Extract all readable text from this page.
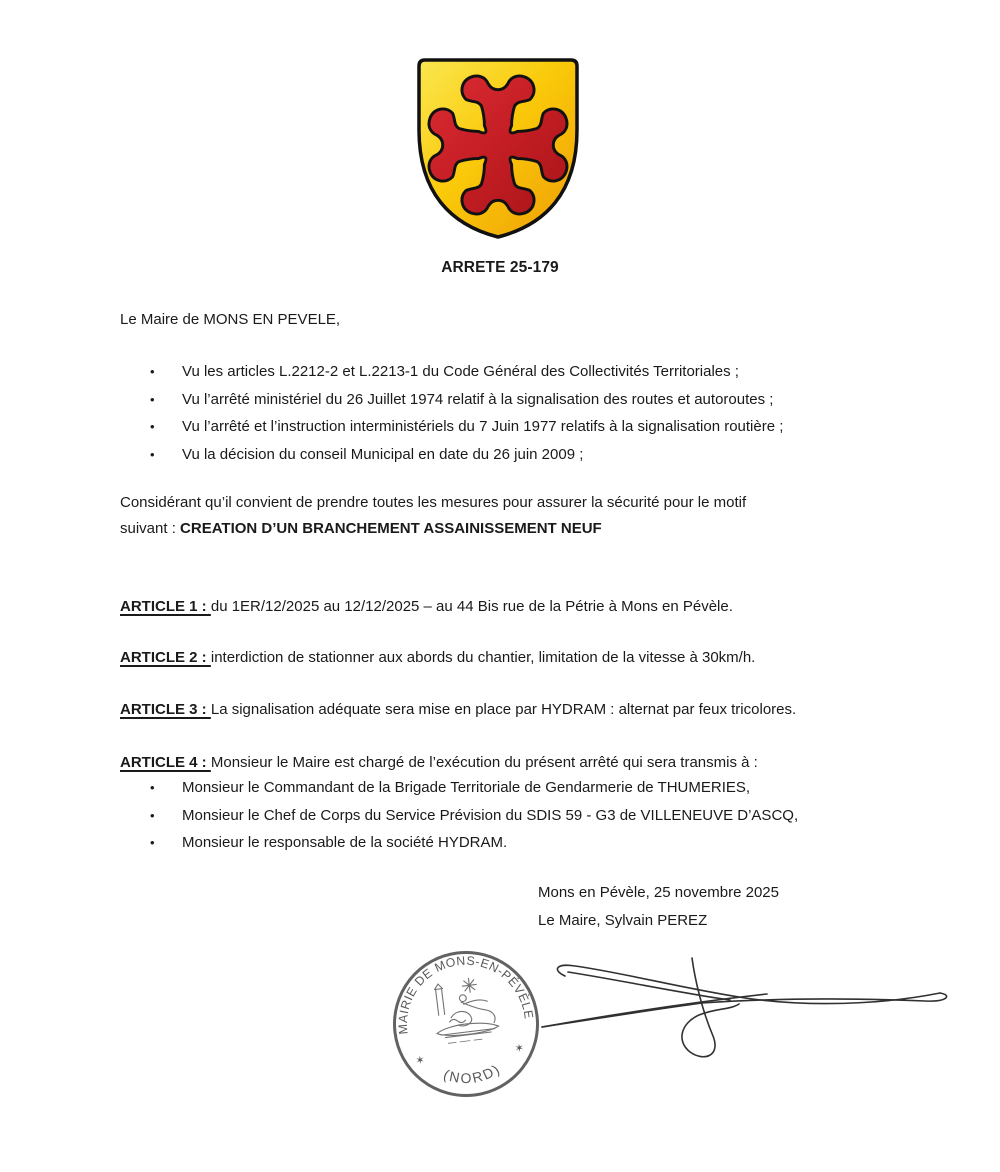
ARRETE 25-179
Le Maire de MONS EN PEVELE,
•	Vu les articles L.2212-2 et L.2213-1 du Code Général des Collectivités Territoriales ;
•	Vu l’arrêté ministériel du 26 Juillet 1974 relatif à la signalisation des routes et autoroutes ;
•	Vu l’arrêté et l’instruction interministériels du 7 Juin 1977 relatifs à la signalisation routière ;
•	Vu la décision du conseil Municipal en date du 26 juin 2009 ;
Considérant qu’il convient de prendre toutes les mesures pour assurer la sécurité pour le motif
suivant : CREATION D’UN BRANCHEMENT ASSAINISSEMENT NEUF
ARTICLE 1 : du 1ER/12/2025 au 12/12/2025 – au 44 Bis rue de la Pétrie à Mons en Pévèle.
ARTICLE 2 : interdiction de stationner aux abords du chantier, limitation de la vitesse à 30km/h.
ARTICLE 3 : La signalisation adéquate sera mise en place par HYDRAM : alternat par feux tricolores.
ARTICLE 4 : Monsieur le Maire est chargé de l’exécution du présent arrêté qui sera transmis à :
•	Monsieur le Commandant de la Brigade Territoriale de Gendarmerie de THUMERIES,
•	Monsieur le Chef de Corps du Service Prévision du SDIS 59 - G3 de VILLENEUVE D’ASCQ,
•	Monsieur le responsable de la société HYDRAM.
Mons en Pévèle, 25 novembre 2025
Le Maire, Sylvain PEREZ
MAIRIE DE MONS-EN-PÉVÈLE
(NORD)
✶
✶
